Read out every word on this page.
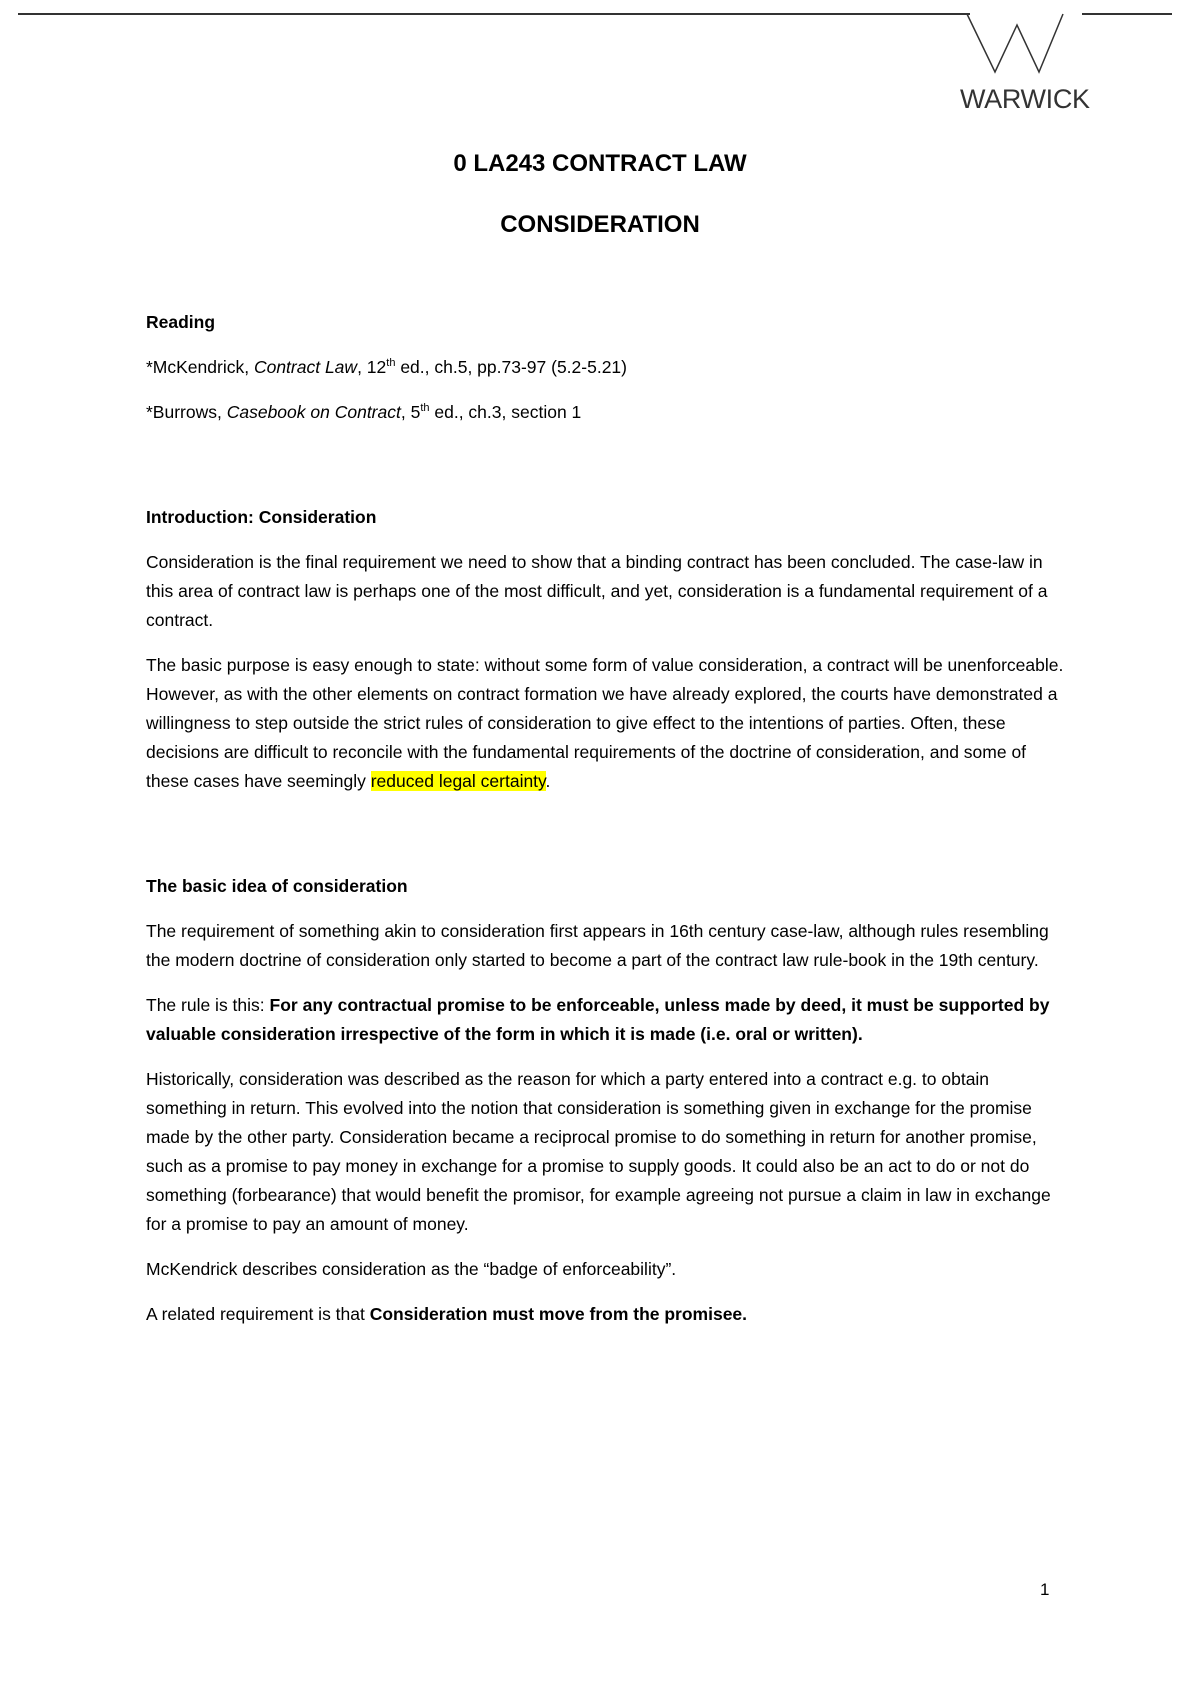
WARWICK
0 LA243 CONTRACT LAW
CONSIDERATION
Reading

*McKendrick, Contract Law, 12th ed., ch.5, pp.73-97 (5.2-5.21)

*Burrows, Casebook on Contract, 5th ed., ch.3, section 1

Introduction: Consideration

Consideration is the final requirement we need to show that a binding contract has been concluded. The case-law in this area of contract law is perhaps one of the most difficult, and yet, consideration is a fundamental requirement of a contract.

The basic purpose is easy enough to state: without some form of value consideration, a contract will be unenforceable. However, as with the other elements on contract formation we have already explored, the courts have demonstrated a willingness to step outside the strict rules of consideration to give effect to the intentions of parties. Often, these decisions are difficult to reconcile with the fundamental requirements of the doctrine of consideration, and some of these cases have seemingly reduced legal certainty.

The basic idea of consideration

The requirement of something akin to consideration first appears in 16th century case-law, although rules resembling the modern doctrine of consideration only started to become a part of the contract law rule-book in the 19th century.

The rule is this: For any contractual promise to be enforceable, unless made by deed, it must be supported by valuable consideration irrespective of the form in which it is made (i.e. oral or written).

Historically, consideration was described as the reason for which a party entered into a contract e.g. to obtain something in return. This evolved into the notion that consideration is something given in exchange for the promise made by the other party. Consideration became a reciprocal promise to do something in return for another promise, such as a promise to pay money in exchange for a promise to supply goods. It could also be an act to do or not do something (forbearance) that would benefit the promisor, for example agreeing not pursue a claim in law in exchange for a promise to pay an amount of money.

McKendrick describes consideration as the “badge of enforceability”.

A related requirement is that Consideration must move from the promisee.

1
